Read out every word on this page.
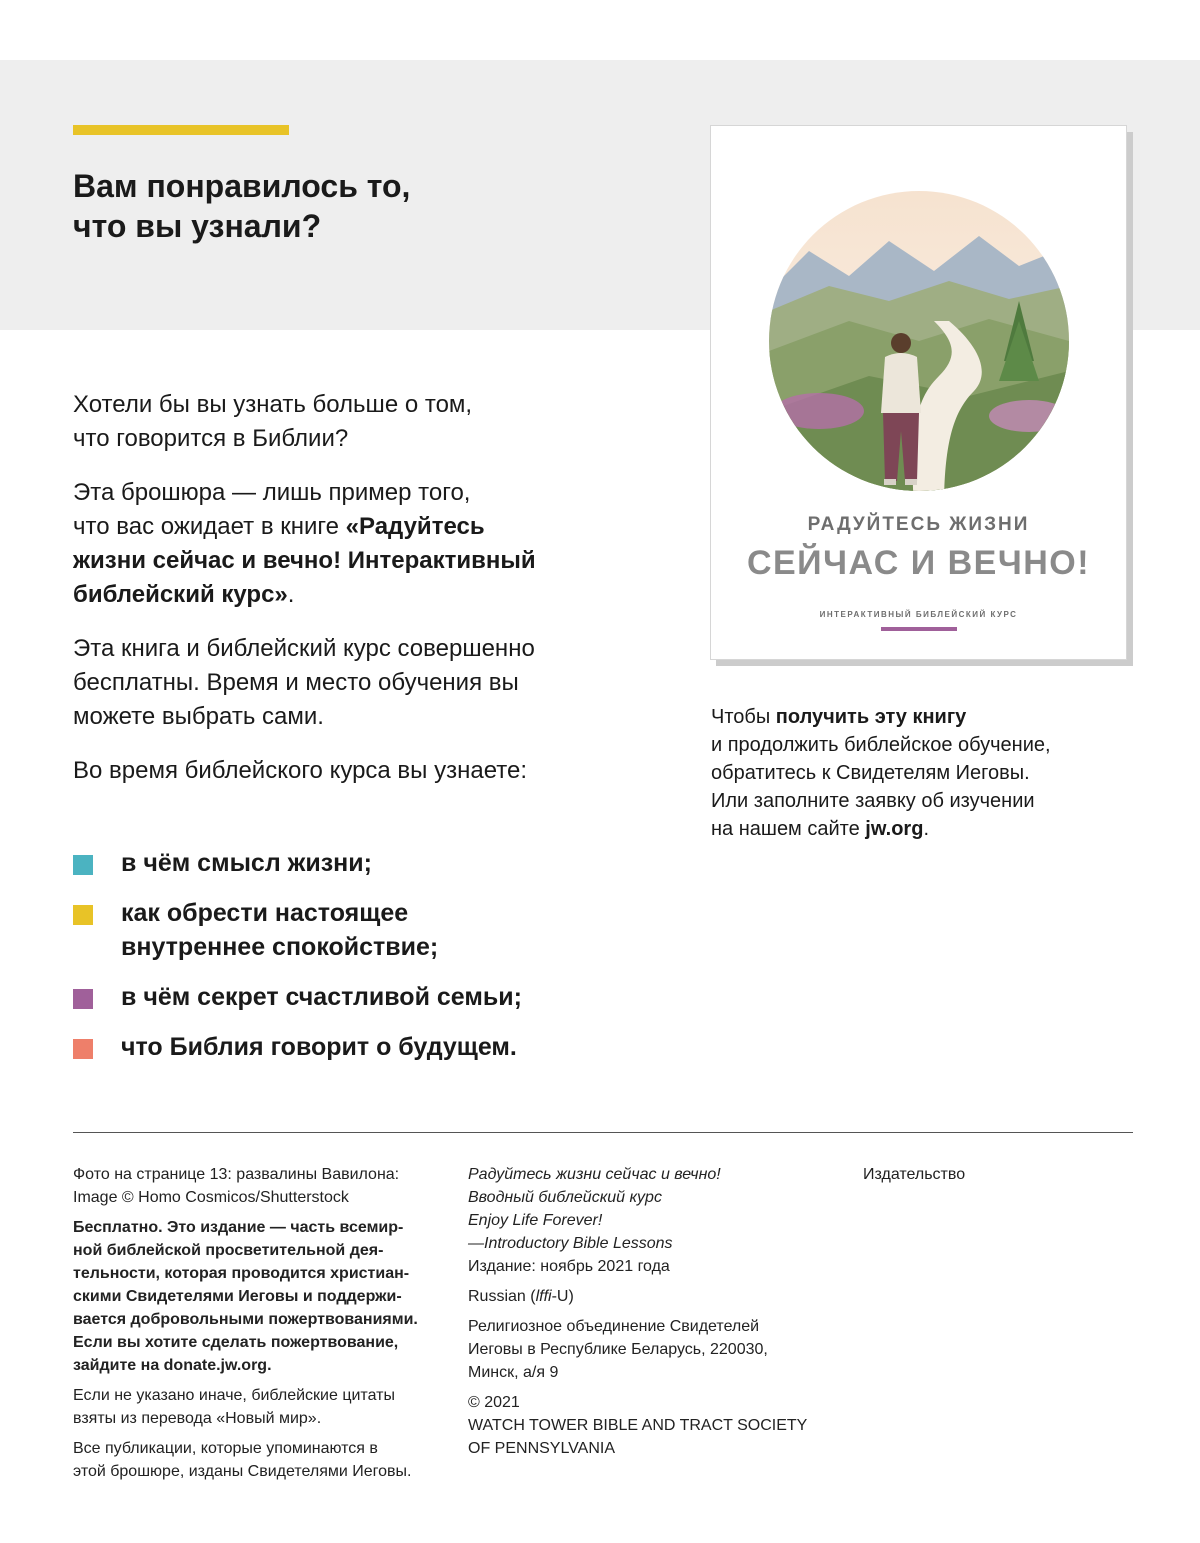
Вам понравилось то,
что вы узнали?

Хотели бы вы узнать больше о том,
что говорится в Библии?

Эта брошюра — лишь пример того,
что вас ожидает в книге «Радуйтесь
жизни сейчас и вечно! Интерактивный
библейский курс».

Эта книга и библейский курс совершенно
бесплатны. Время и место обучения вы
можете выбрать сами.

Во время библейского курса вы узнаете:

в чём смысл жизни;
как обрести настоящее
внутреннее спокойствие;
в чём секрет счастливой семьи;
что Библия говорит о будущем.
РАДУЙТЕСЬ ЖИЗНИ
СЕЙЧАС И ВЕЧНО!
ИНТЕРАКТИВНЫЙ БИБЛЕЙСКИЙ КУРС

Чтобы получить эту книгу
и продолжить библейское обучение,
обратитесь к Свидетелям Иеговы.
Или заполните заявку об изучении
на нашем сайте jw.org.

Фото на странице 13: развалины Вавилона:
Image © Homo Cosmicos/Shutterstock

Бесплатно. Это издание — часть всемир-
ной библейской просветительной дея-
тельности, которая проводится христиан-
скими Свидетелями Иеговы и поддержи-
вается добровольными пожертвованиями.
Если вы хотите сделать пожертвование,
зайдите на donate.jw.org.

Если не указано иначе, библейские цитаты
взяты из перевода «Новый мир».

Все публикации, которые упоминаются в
этой брошюре, изданы Свидетелями Иеговы.

Радуйтесь жизни сейчас и вечно!
Вводный библейский курс
Enjoy Life Forever!
—Introductory Bible Lessons
Издание: ноябрь 2021 года

Russian (lffi-U)

Религиозное объединение Свидетелей
Иеговы в Республике Беларусь, 220030,
Минск, а/я 9

© 2021
WATCH TOWER BIBLE AND TRACT SOCIETY
OF PENNSYLVANIA

Издательство
